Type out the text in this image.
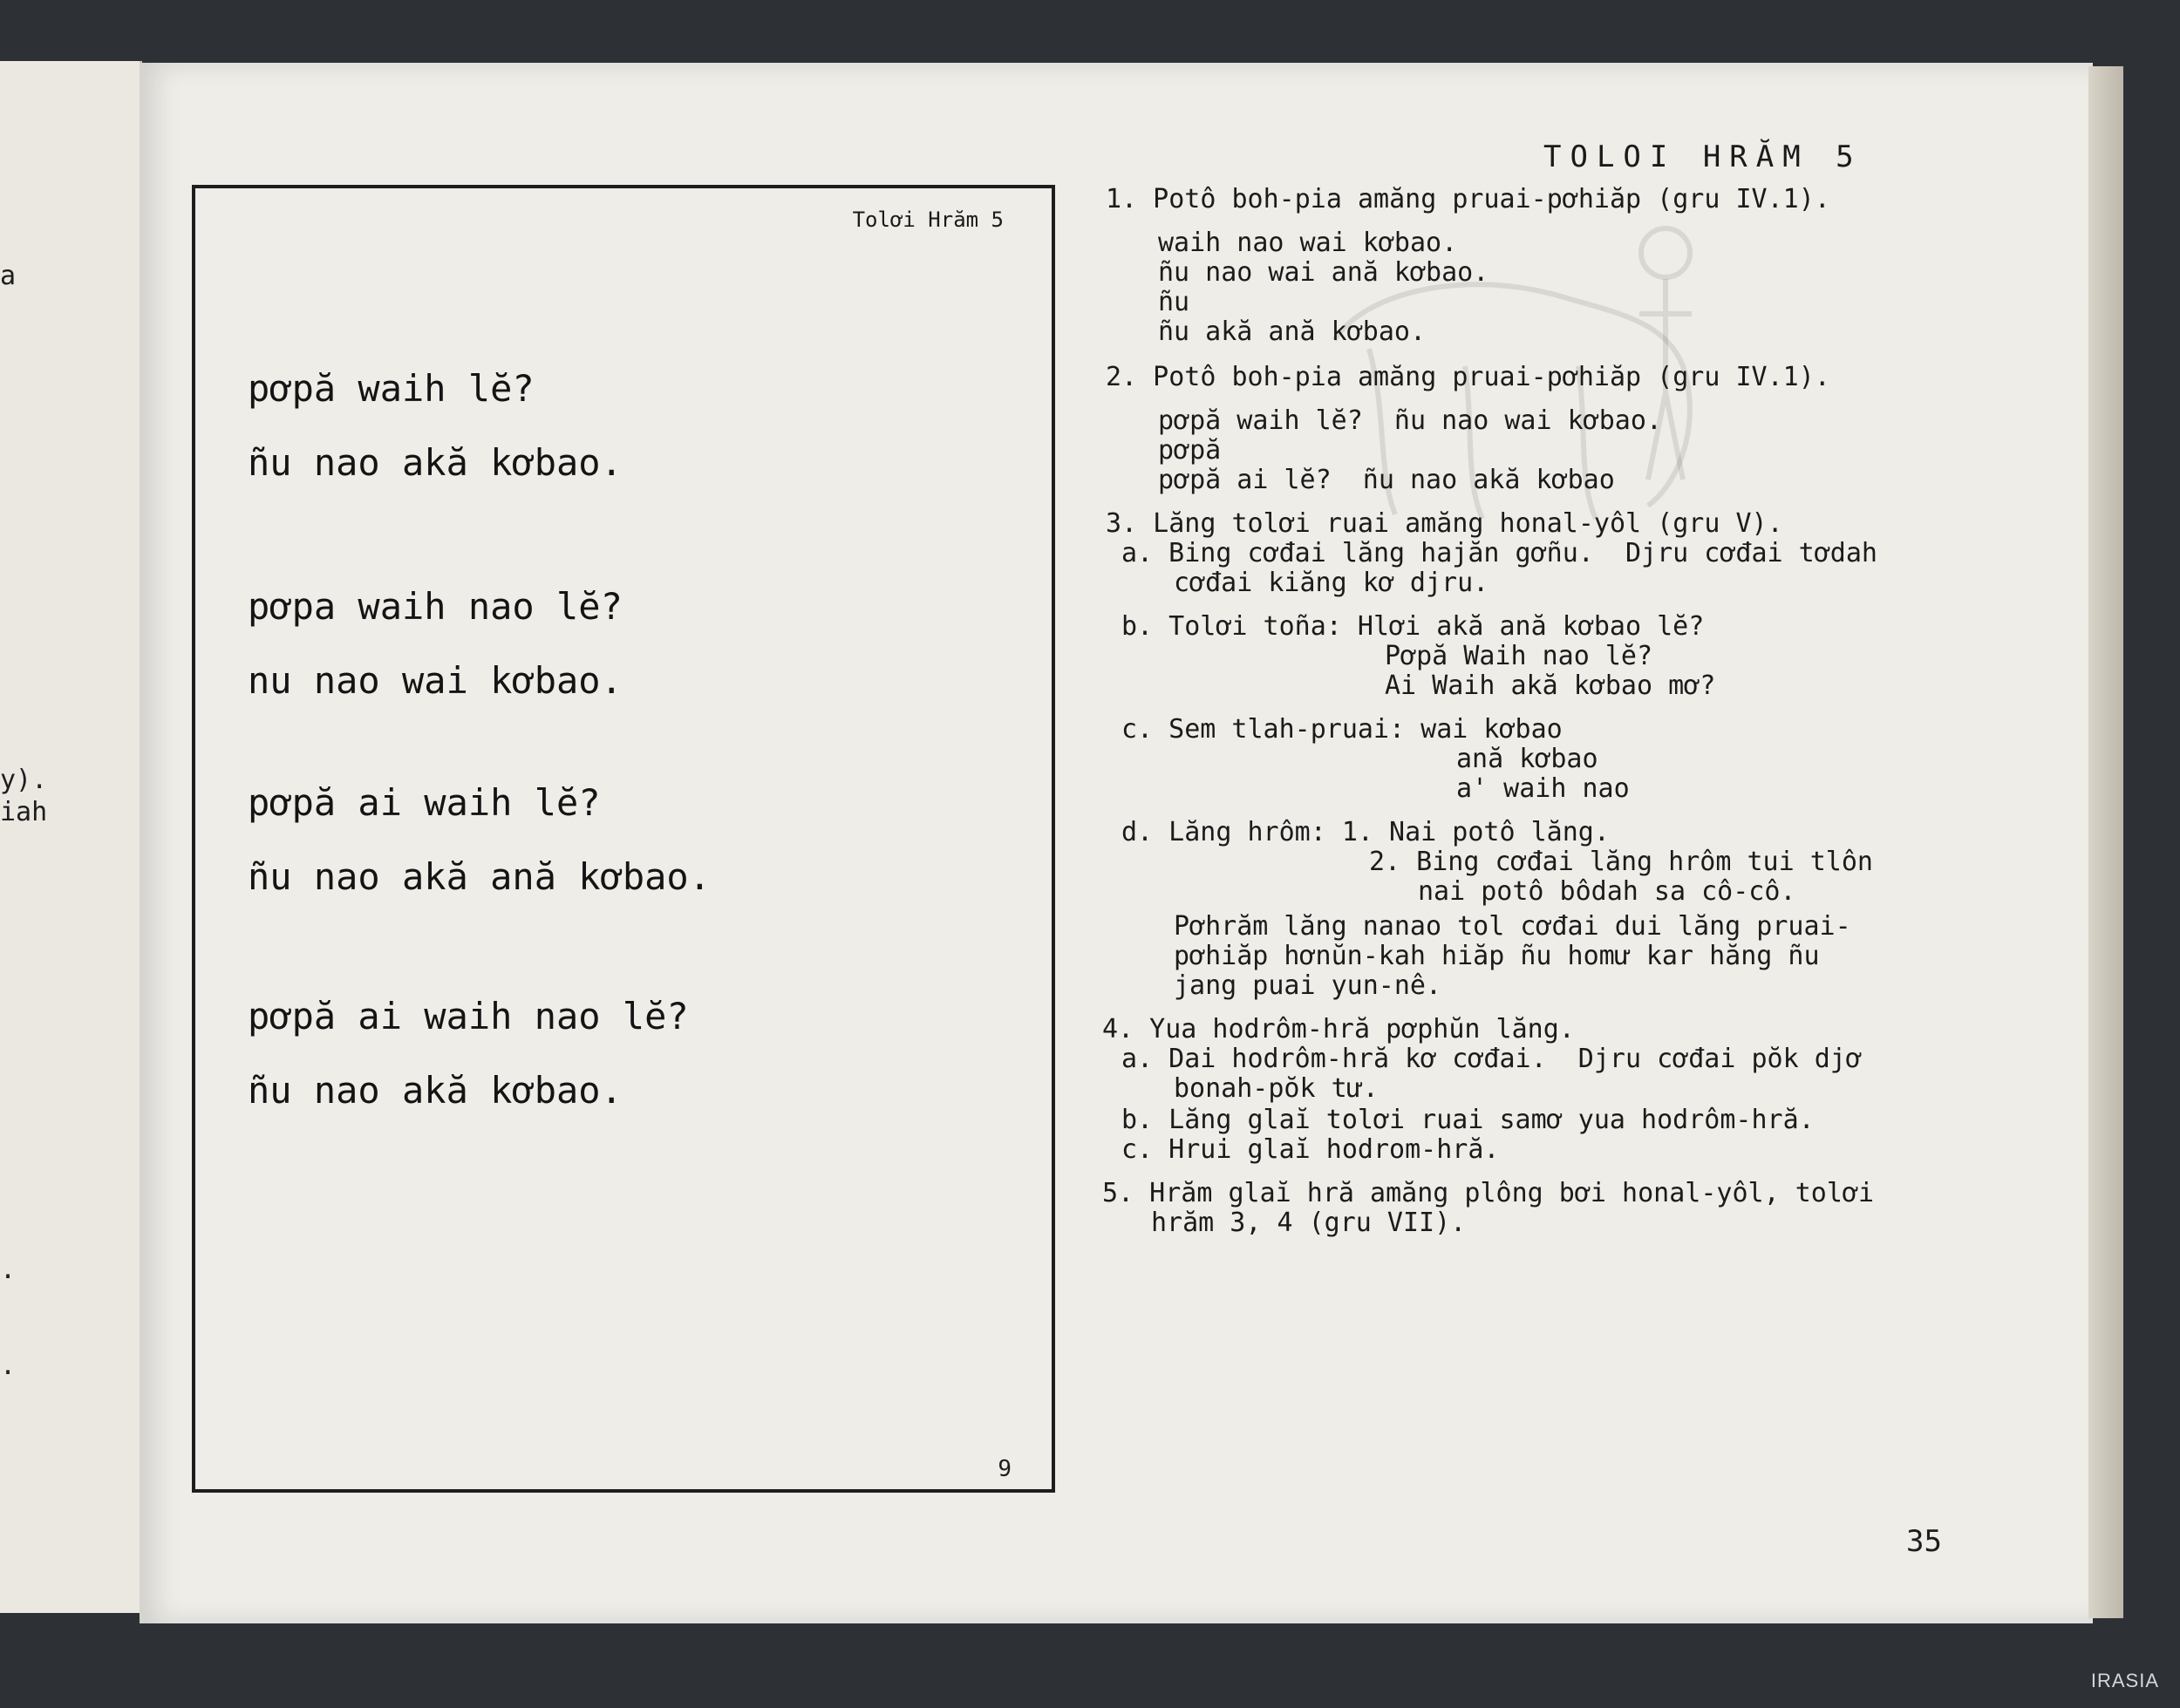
a
y).
iah
.
.
TOLOI HRĂM 5
Tolơi Hrăm 5
pơpă waih lĕ?
ñu nao akă kơbao.
pơpa waih nao lĕ?
nu nao wai kơbao.
pơpă ai waih lĕ?
ñu nao akă ană kơbao.
pơpă ai waih nao lĕ?
ñu nao akă kơbao.
9
1. Potô boh-pia amăng pruai-pơhiăp (gru IV.1).
waih nao wai kơbao.
ñu nao wai ană kơbao.
ñu
ñu akă ană kơbao.
2. Potô boh-pia amăng pruai-pơhiăp (gru IV.1).
pơpă waih lĕ?  ñu nao wai kơbao.
pơpă
pơpă ai lĕ?  ñu nao akă kơbao
3. Lăng tolơi ruai amăng honal-yôl (gru V).
a. Bing cơđai lăng hajăn gơñu.  Djru cơđai tơdah
cơđai kiăng kơ djru.
b. Tolơi toña: Hlơi akă ană kơbao lĕ?
Pơpă Waih nao lĕ?
Ai Waih akă kơbao mơ?
c. Sem tlah-pruai: wai kơbao
ană kơbao
a' waih nao
d. Lăng hrôm: 1. Nai potô lăng.
2. Bing cơđai lăng hrôm tui tlôn
nai potô bôdah sa cô-cô.
Pơhrăm lăng nanao tol cơđai dui lăng pruai-
pơhiăp hơnŭn-kah hiăp ñu homư kar hăng ñu
jang puai yun-nê.
4. Yua hodrôm-hră pơphŭn lăng.
a. Dai hodrôm-hră kơ cơđai.  Djru cơđai pŏk djơ
bonah-pŏk tư.
b. Lăng glaĭ tolơi ruai samơ yua hodrôm-hră.
c. Hrui glaĭ hodrom-hră.
5. Hrăm glaĭ hră amăng plông bơi honal-yôl, tolơi
hrăm 3, 4 (gru VII).
35
IRASIA
